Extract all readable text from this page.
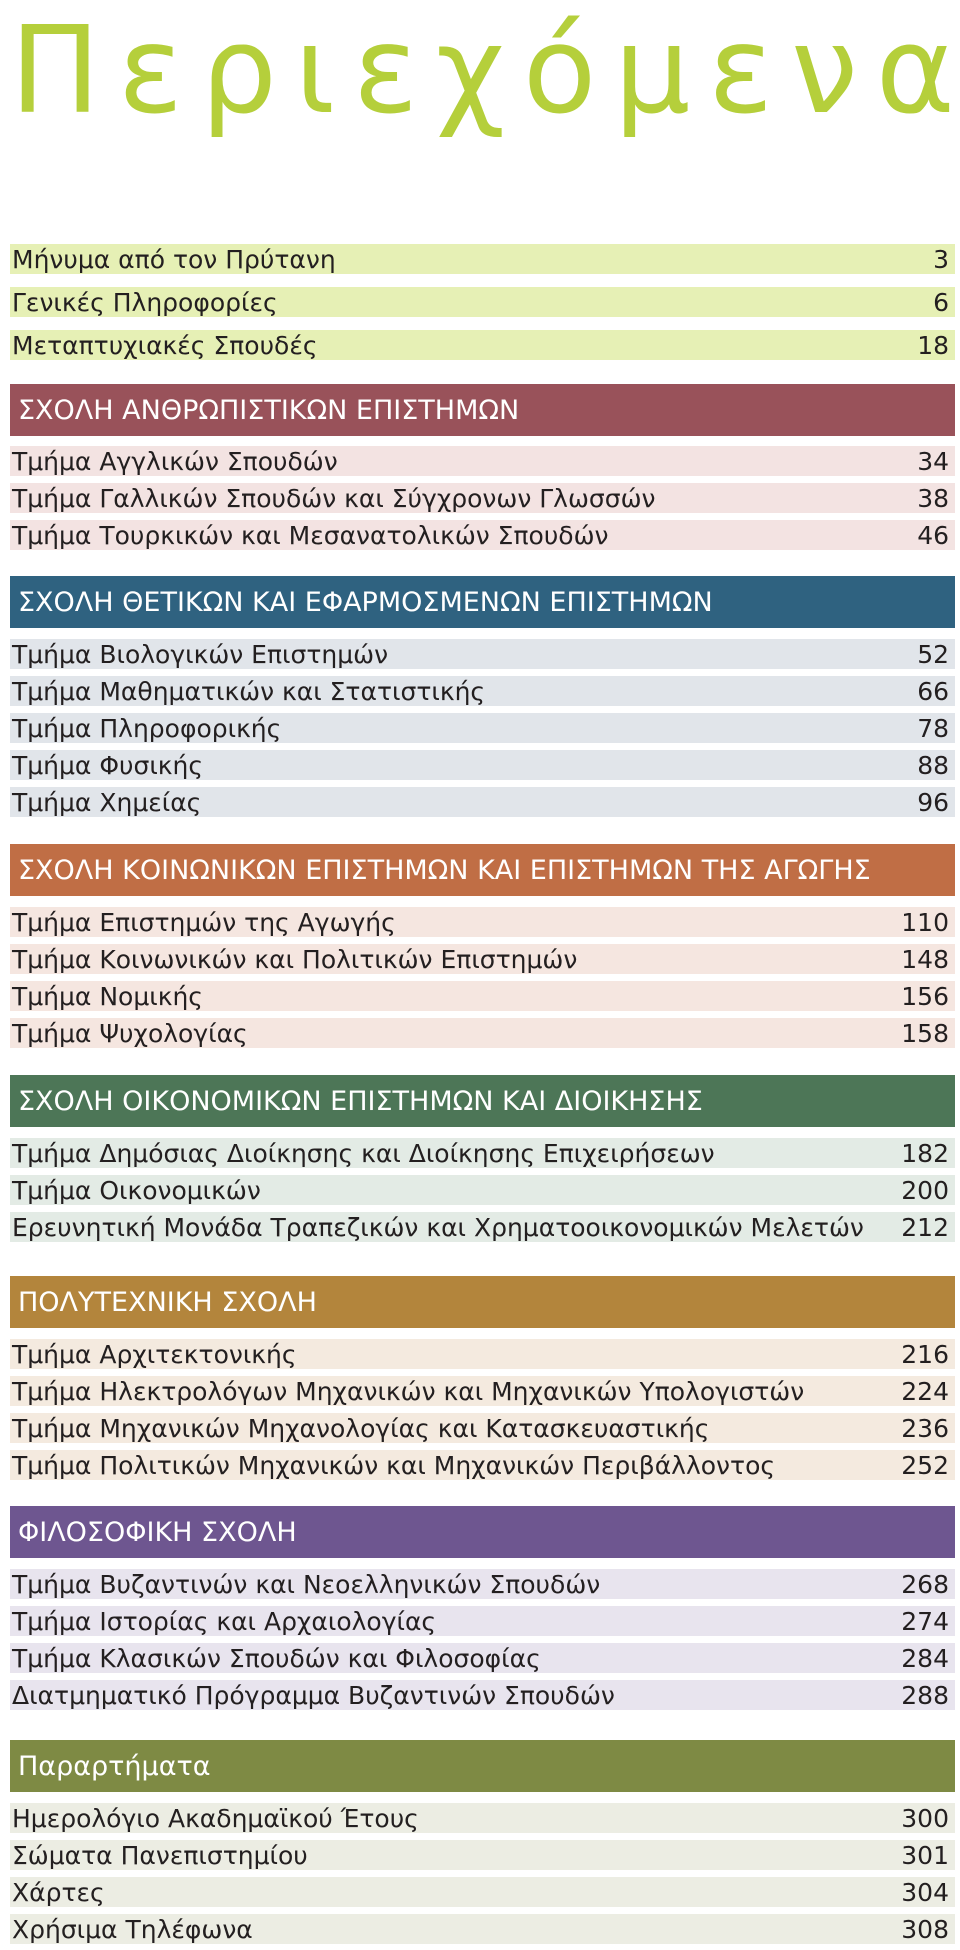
Π ε ρ ι ε χ ό μ ε ν α
Μήνυμα από τον Πρύτανη	3
Γενικές Πληροφορίες	6
Μεταπτυχιακές Σπουδές	18
ΣΧΟΛΗ ΑΝΘΡΩΠΙΣΤΙΚΩΝ ΕΠΙΣΤΗΜΩΝ
Τμήμα Αγγλικών Σπουδών	34
Τμήμα Γαλλικών Σπουδών και Σύγχρονων Γλωσσών	38
Τμήμα Τουρκικών και Μεσανατολικών Σπουδών	46
ΣΧΟΛΗ ΘΕΤΙΚΩΝ ΚΑΙ ΕΦΑΡΜΟΣΜΕΝΩΝ ΕΠΙΣΤΗΜΩΝ
Τμήμα Βιολογικών Επιστημών	52
Τμήμα Μαθηματικών και Στατιστικής	66
Τμήμα Πληροφορικής	78
Τμήμα Φυσικής	88
Τμήμα Χημείας	96
ΣΧΟΛΗ ΚΟΙΝΩΝΙΚΩΝ ΕΠΙΣΤΗΜΩΝ ΚΑΙ ΕΠΙΣΤΗΜΩΝ ΤΗΣ ΑΓΩΓΗΣ
Τμήμα Επιστημών της Αγωγής	110
Τμήμα Κοινωνικών και Πολιτικών Επιστημών	148
Τμήμα Νομικής	156
Τμήμα Ψυχολογίας	158
ΣΧΟΛΗ ΟΙΚΟΝΟΜΙΚΩΝ ΕΠΙΣΤΗΜΩΝ ΚΑΙ ΔΙΟΙΚΗΣΗΣ
Τμήμα Δημόσιας Διοίκησης και Διοίκησης Επιχειρήσεων	182
Τμήμα Οικονομικών	200
Ερευνητική Μονάδα Τραπεζικών και Χρηματοοικονομικών Μελετών 212
ΠΟΛΥΤΕΧΝΙΚΗ ΣΧΟΛΗ
Τμήμα Αρχιτεκτονικής	216
Τμήμα Ηλεκτρολόγων Μηχανικών και Μηχανικών Υπολογιστών	224
Τμήμα Μηχανικών Μηχανολογίας και Κατασκευαστικής	236
Τμήμα Πολιτικών Μηχανικών και Μηχανικών Περιβάλλοντος	252
ΦΙΛΟΣΟΦΙΚΗ ΣΧΟΛΗ
Τμήμα Βυζαντινών και Νεοελληνικών Σπουδών	268
Τμήμα Ιστορίας και Αρχαιολογίας	274
Τμήμα Κλασικών Σπουδών και Φιλοσοφίας	284
Διατμηματικό Πρόγραμμα Βυζαντινών Σπουδών	288
Παραρτήματα
Ημερολόγιο Ακαδημαϊκού Έτους	300
Σώματα Πανεπιστημίου	301
Χάρτες	304
Χρήσιμα Τηλέφωνα	308
